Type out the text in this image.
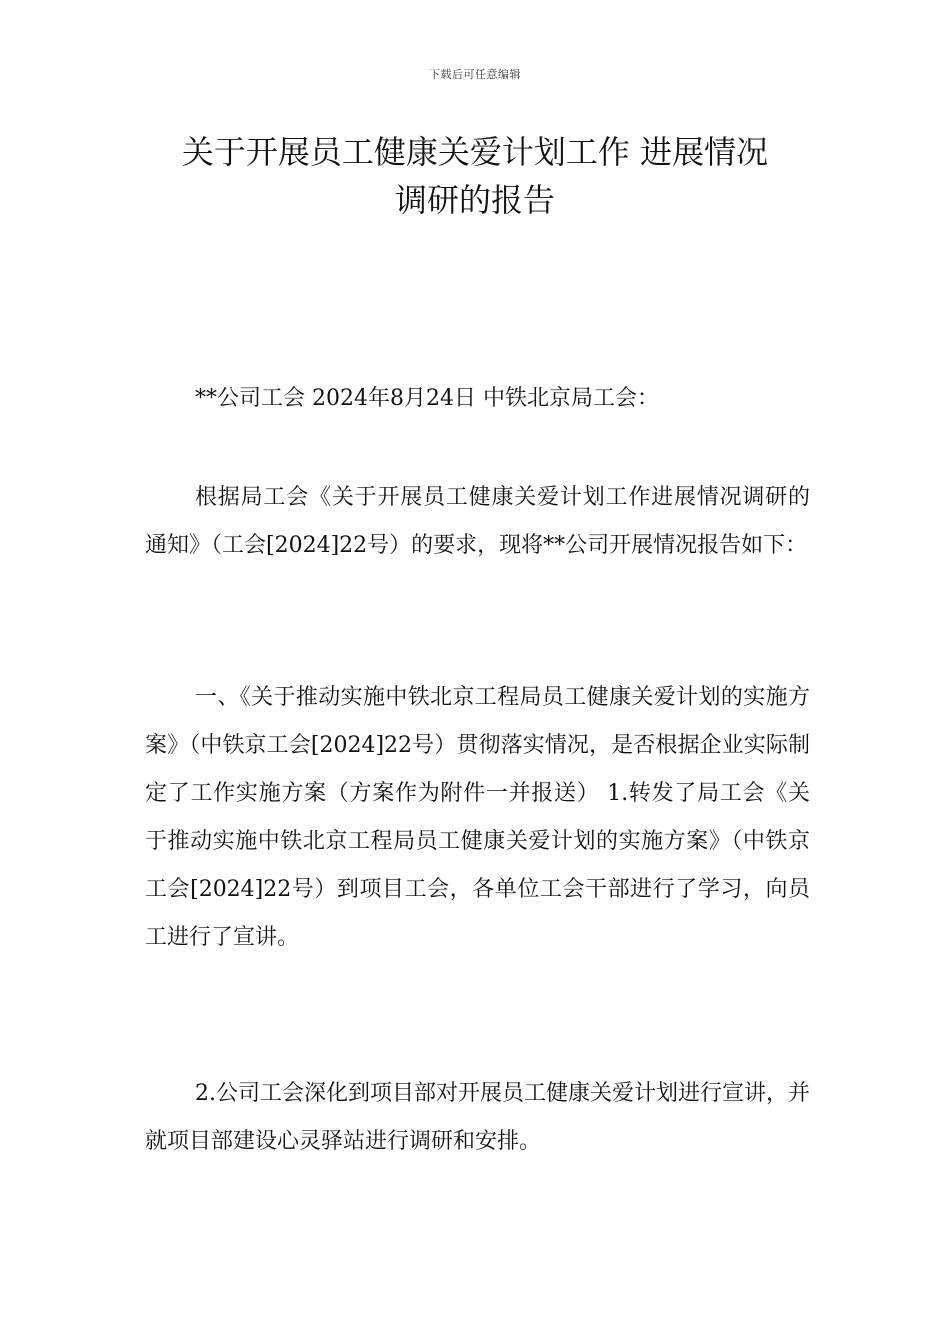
下载后可任意编辑
关于开展员工健康关爱计划工作 进展情况
调研的报告

**公司工会 2024年8月24日 中铁北京局工会：

根据局工会《关于开展员工健康关爱计划工作进展情况调研的通知》（工会[2024]22号）的要求，现将**公司开展情况报告如下：

一、《关于推动实施中铁北京工程局员工健康关爱计划的实施方案》（中铁京工会[2024]22号）贯彻落实情况，是否根据企业实际制定了工作实施方案（方案作为附件一并报送） 1.转发了局工会《关于推动实施中铁北京工程局员工健康关爱计划的实施方案》（中铁京工会[2024]22号）到项目工会，各单位工会干部进行了学习，向员工进行了宣讲。

2.公司工会深化到项目部对开展员工健康关爱计划进行宣讲，并就项目部建设心灵驿站进行调研和安排。
